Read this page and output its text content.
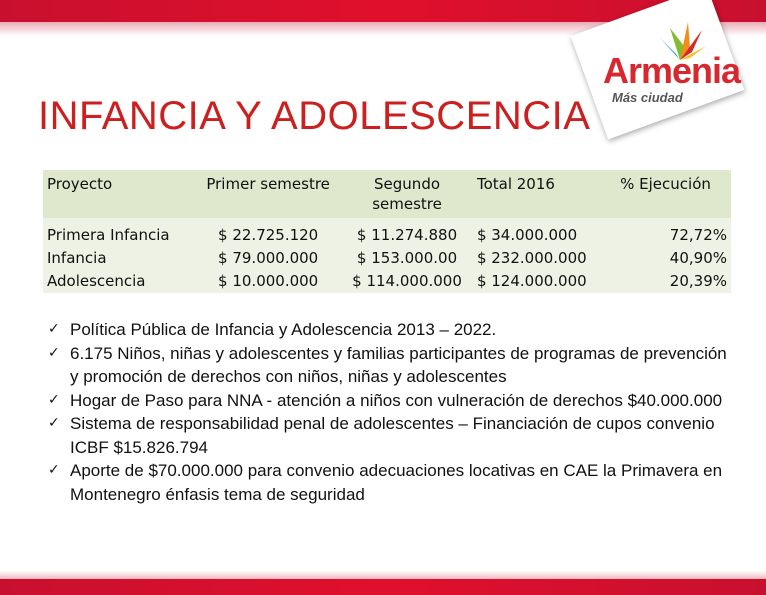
Armenia
Más ciudad
INFANCIA Y ADOLESCENCIA
Proyecto	Primer semestre	Segundo semestre	Total 2016	% Ejecución
Primera Infancia	$ 22.725.120	$ 11.274.880	$ 34.000.000	72,72%
Infancia	$ 79.000.000	$ 153.000.00	$ 232.000.000	40,90%
Adolescencia	$ 10.000.000	$ 114.000.000	$ 124.000.000	20,39%
✓ Política Pública de Infancia y Adolescencia 2013 – 2022.
✓ 6.175 Niños, niñas y adolescentes y familias participantes de programas de prevención y promoción de derechos con niños, niñas y adolescentes
✓ Hogar de Paso para NNA - atención a niños con vulneración de derechos $40.000.000
✓ Sistema de responsabilidad penal de adolescentes – Financiación de cupos convenio ICBF $15.826.794
✓ Aporte de $70.000.000 para convenio adecuaciones locativas en CAE la Primavera en Montenegro énfasis tema de seguridad
